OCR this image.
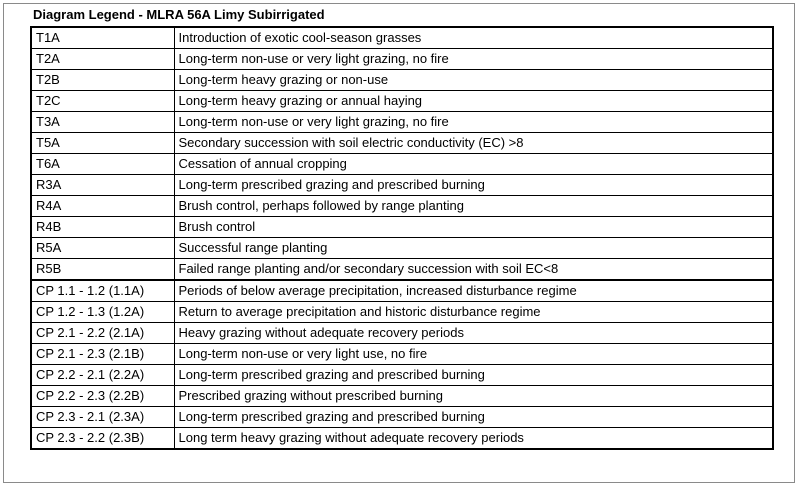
Diagram Legend - MLRA 56A Limy Subirrigated
T1A	Introduction of exotic cool-season grasses
T2A	Long-term non-use or very light grazing, no fire
T2B	Long-term heavy grazing or non-use
T2C	Long-term heavy grazing or annual haying
T3A	Long-term non-use or very light grazing, no fire
T5A	Secondary succession with soil electric conductivity (EC) >8
T6A	Cessation of annual cropping
R3A	Long-term prescribed grazing and prescribed burning
R4A	Brush control, perhaps followed by range planting
R4B	Brush control
R5A	Successful range planting
R5B	Failed range planting and/or secondary succession with soil EC<8
CP 1.1 - 1.2 (1.1A)	Periods of below average precipitation, increased disturbance regime
CP 1.2 - 1.3 (1.2A)	Return to average precipitation and historic disturbance regime
CP 2.1 - 2.2 (2.1A)	Heavy grazing without adequate recovery periods
CP 2.1 - 2.3 (2.1B)	Long-term non-use or very light use, no fire
CP 2.2 - 2.1 (2.2A)	Long-term prescribed grazing and prescribed burning
CP 2.2 - 2.3 (2.2B)	Prescribed grazing without prescribed burning
CP 2.3 - 2.1 (2.3A)	Long-term prescribed grazing and prescribed burning
CP 2.3 - 2.2 (2.3B)	Long term heavy grazing without adequate recovery periods
